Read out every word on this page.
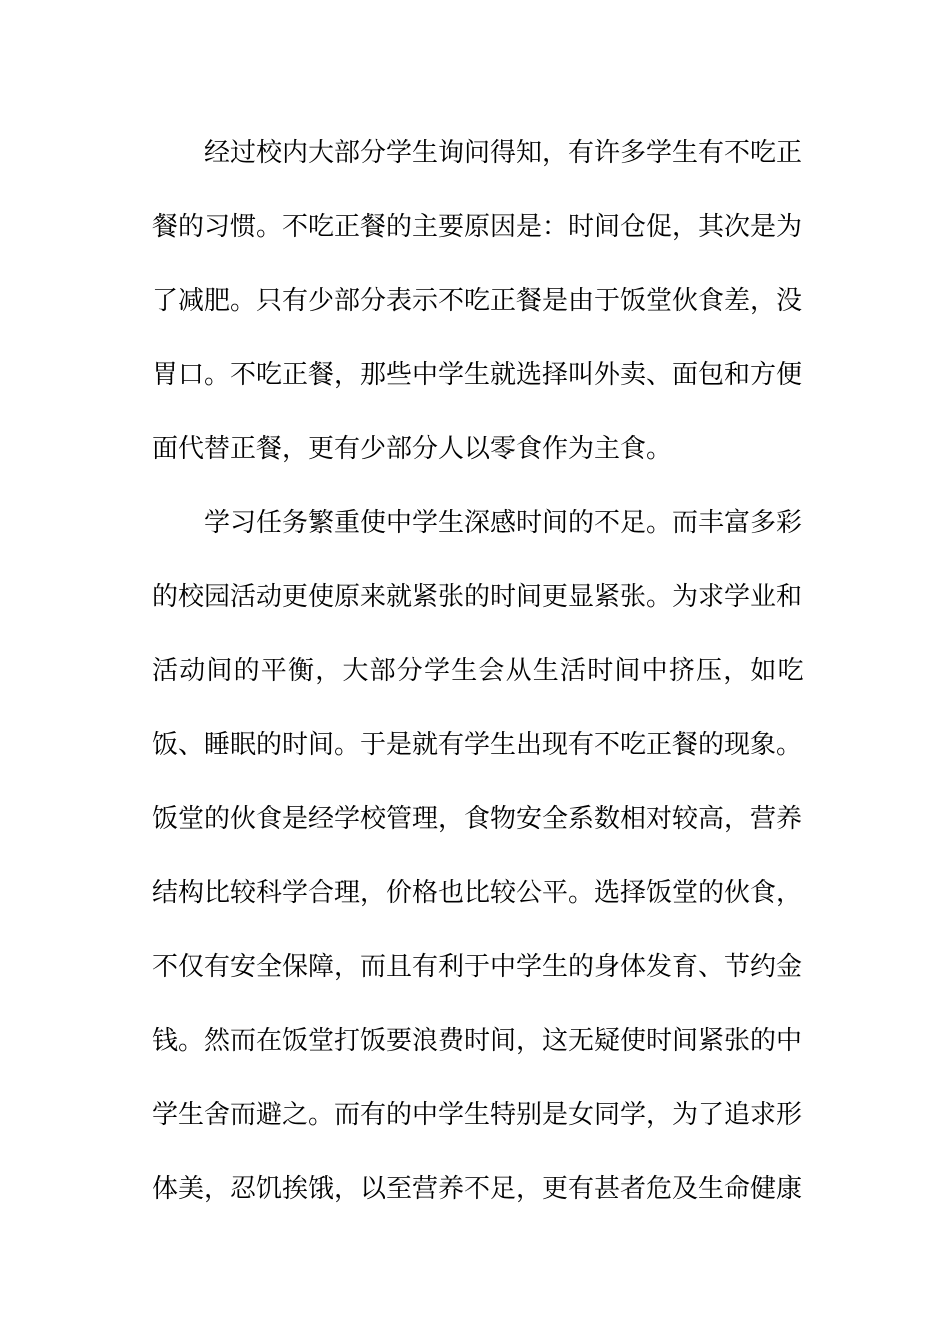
经过校内大部分学生询问得知，有许多学生有不吃正
餐的习惯。不吃正餐的主要原因是：时间仓促，其次是为
了减肥。只有少部分表示不吃正餐是由于饭堂伙食差，没
胃口。不吃正餐，那些中学生就选择叫外卖、面包和方便
面代替正餐，更有少部分人以零食作为主食。
学习任务繁重使中学生深感时间的不足。而丰富多彩
的校园活动更使原来就紧张的时间更显紧张。为求学业和
活动间的平衡，大部分学生会从生活时间中挤压，如吃
饭、睡眠的时间。于是就有学生出现有不吃正餐的现象。
饭堂的伙食是经学校管理，食物安全系数相对较高，营养
结构比较科学合理，价格也比较公平。选择饭堂的伙食，
不仅有安全保障，而且有利于中学生的身体发育、节约金
钱。然而在饭堂打饭要浪费时间，这无疑使时间紧张的中
学生舍而避之。而有的中学生特别是女同学，为了追求形
体美，忍饥挨饿，以至营养不足，更有甚者危及生命健康
